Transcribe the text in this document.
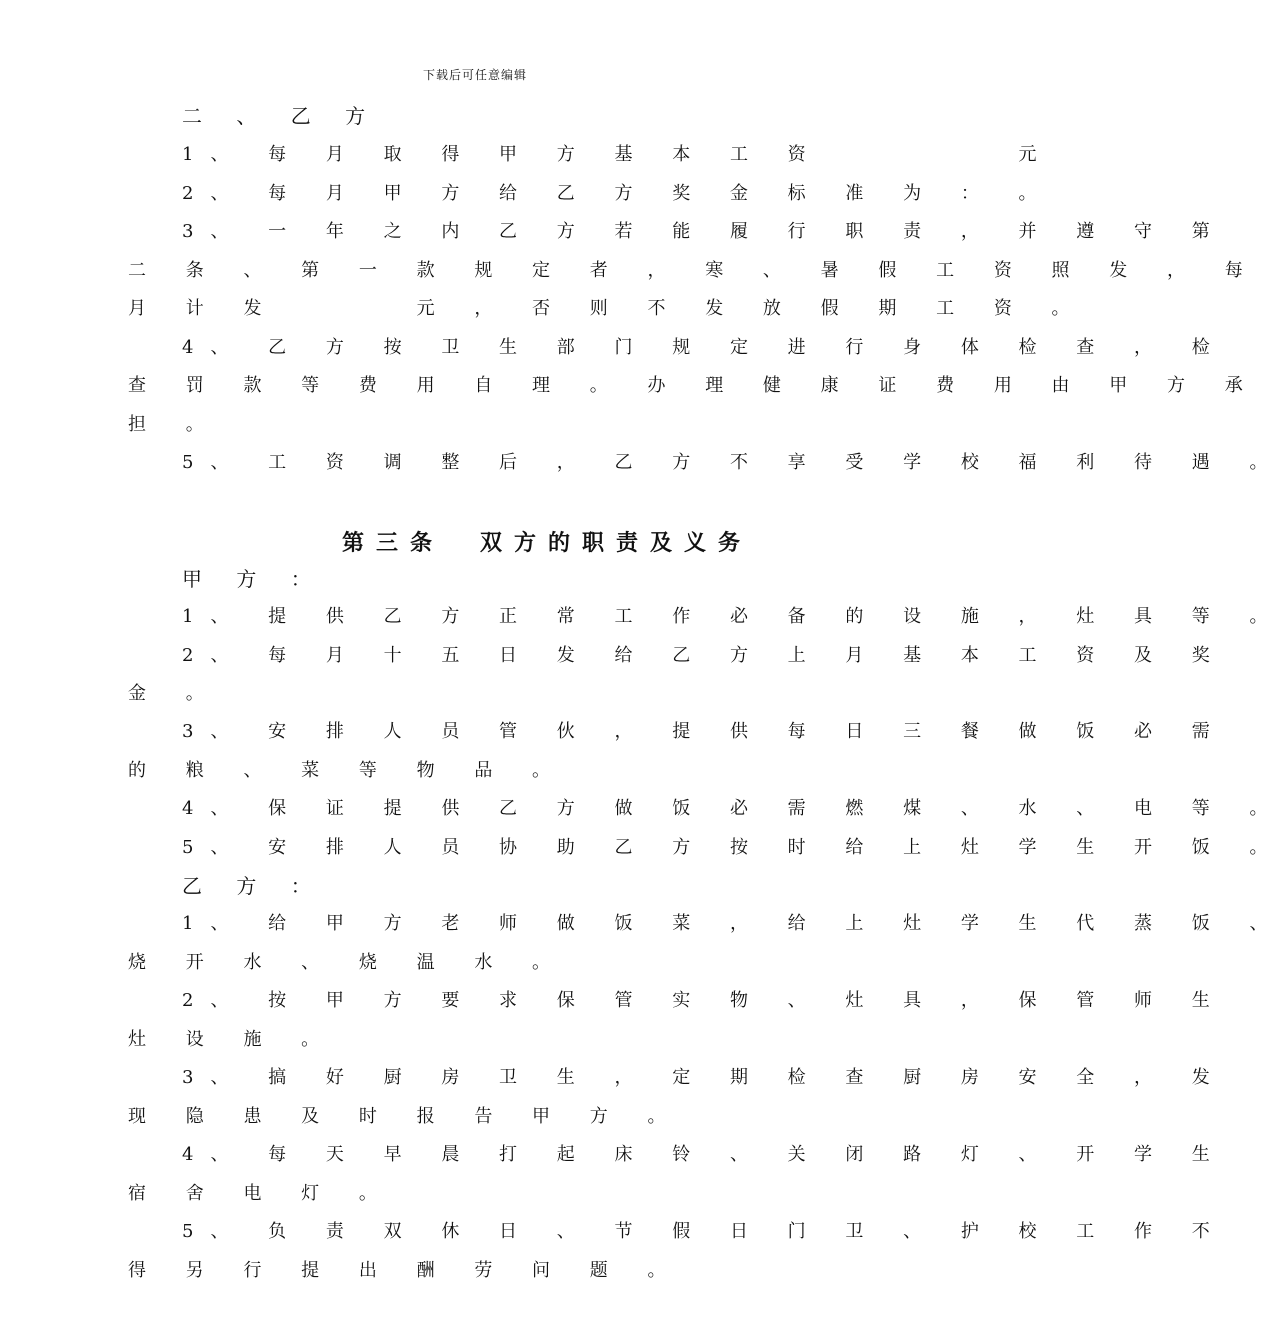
下载后可任意编辑
二 、 乙 方
1、 每 月 取 得 甲 方 基 本 工 资 　 　 　 元
2、 每 月 甲 方 给 乙 方 奖 金 标 准 为 ： 。
3、 一 年 之 内 乙 方 若 能 履 行 职 责 ， 并 遵 守 第
二 条 、 第 一 款 规 定 者 ， 寒 、 暑 假 工 资 照 发 ， 每
月 计 发 　 　 元 ， 否 则 不 发 放 假 期 工 资 。
4、 乙 方 按 卫 生 部 门 规 定 进 行 身 体 检 查 ， 检
查 罚 款 等 费 用 自 理 。 办 理 健 康 证 费 用 由 甲 方 承
担 。
5、 工 资 调 整 后 ， 乙 方 不 享 受 学 校 福 利 待 遇 。
第三条 双方的职责及义务
甲 方 ：
1、 提 供 乙 方 正 常 工 作 必 备 的 设 施 ， 灶 具 等 。
2、 每 月 十 五 日 发 给 乙 方 上 月 基 本 工 资 及 奖
金 。
3、 安 排 人 员 管 伙 ， 提 供 每 日 三 餐 做 饭 必 需
的 粮 、 菜 等 物 品 。
4、 保 证 提 供 乙 方 做 饭 必 需 燃 煤 、 水 、 电 等 。
5、 安 排 人 员 协 助 乙 方 按 时 给 上 灶 学 生 开 饭 。
乙 方 ：
1、 给 甲 方 老 师 做 饭 菜 ， 给 上 灶 学 生 代 蒸 饭 、
烧 开 水 、 烧 温 水 。
2、 按 甲 方 要 求 保 管 实 物 、 灶 具 ， 保 管 师 生
灶 设 施 。
3、 搞 好 厨 房 卫 生 ， 定 期 检 查 厨 房 安 全 ， 发
现 隐 患 及 时 报 告 甲 方 。
4、 每 天 早 晨 打 起 床 铃 、 关 闭 路 灯 、 开 学 生
宿 舍 电 灯 。
5、 负 责 双 休 日 、 节 假 日 门 卫 、 护 校 工 作 不
得 另 行 提 出 酬 劳 问 题 。
